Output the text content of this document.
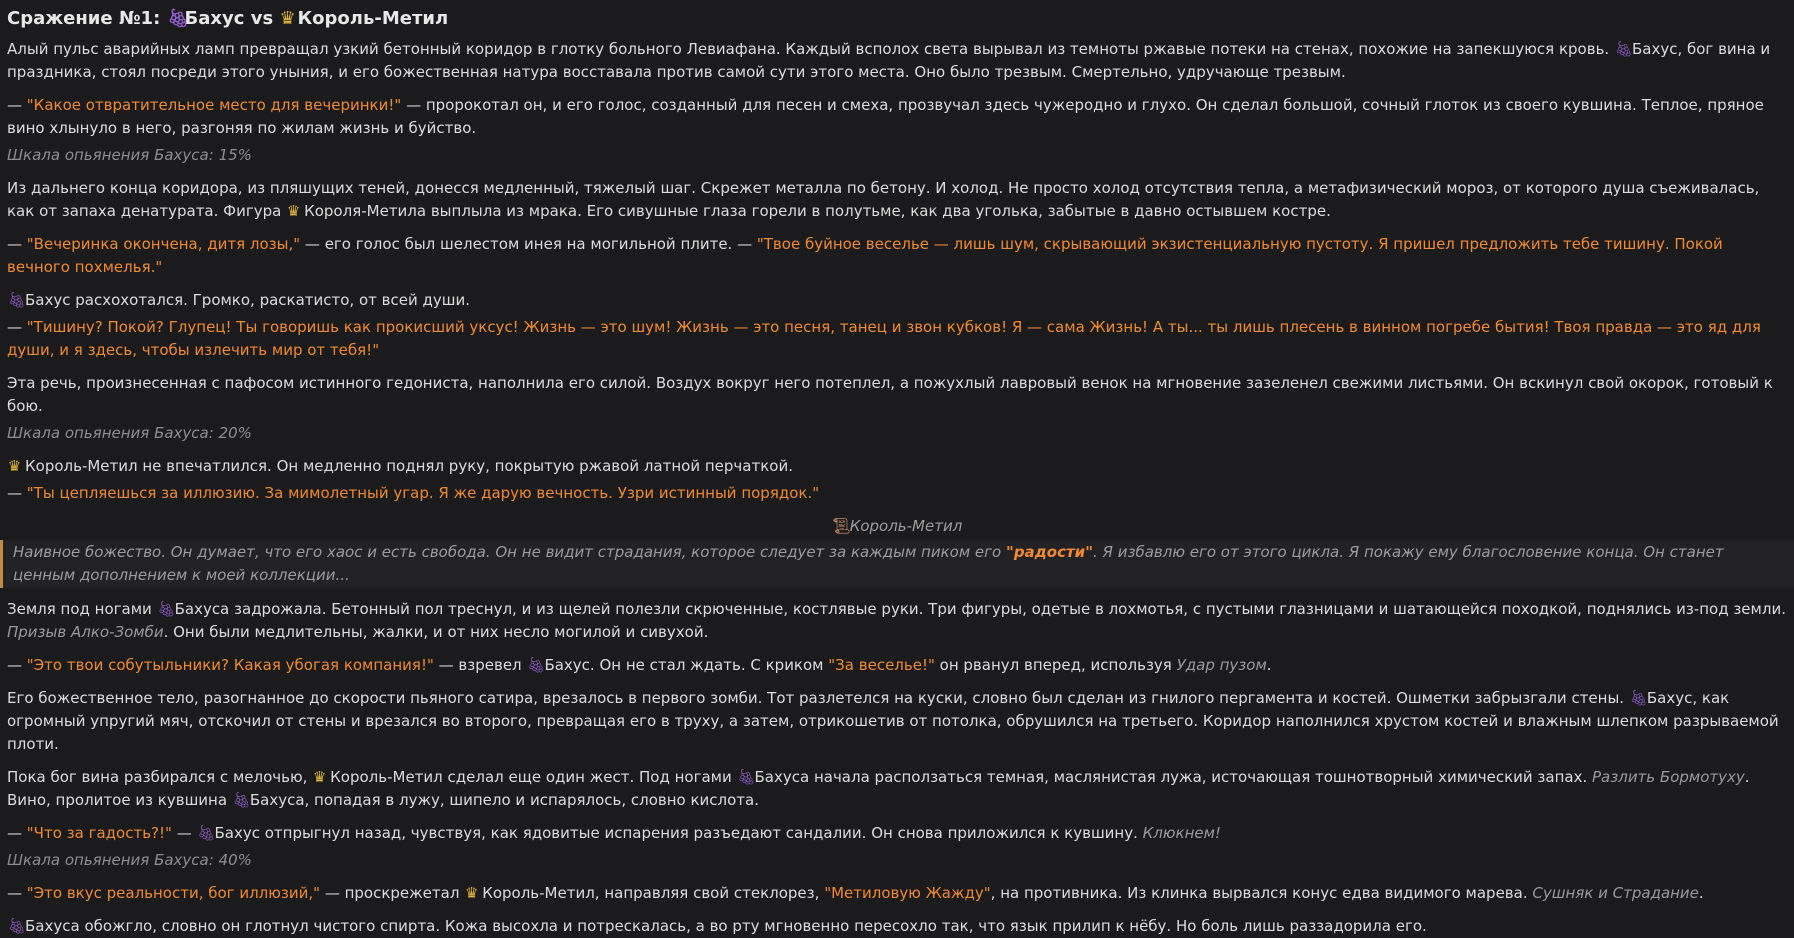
Сражение №1: 🍇︎Бахус vs ♛ Король-Метил

Алый пульс аварийных ламп превращал узкий бетонный коридор в глотку больного Левиафана. Каждый всполох света вырывал из темноты ржавые потеки на стенах, похожие на запекшуюся кровь. 🍇︎Бахус, бог вина и праздника, стоял посреди этого уныния, и его божественная натура восставала против самой сути этого места. Оно было трезвым. Смертельно, удручающе трезвым.

— "Какое отвратительное место для вечеринки!" — пророкотал он, и его голос, созданный для песен и смеха, прозвучал здесь чужеродно и глухо. Он сделал большой, сочный глоток из своего кувшина. Теплое, пряное вино хлынуло в него, разгоняя по жилам жизнь и буйство.

Шкала опьянения Бахуса: 15%

Из дальнего конца коридора, из пляшущих теней, донесся медленный, тяжелый шаг. Скрежет металла по бетону. И холод. Не просто холод отсутствия тепла, а метафизический мороз, от которого душа съеживалась, как от запаха денатурата. Фигура ♛ Короля-Метила выплыла из мрака. Его сивушные глаза горели в полутьме, как два уголька, забытые в давно остывшем костре.

— "Вечеринка окончена, дитя лозы," — его голос был шелестом инея на могильной плите. — "Твое буйное веселье — лишь шум, скрывающий экзистенциальную пустоту. Я пришел предложить тебе тишину. Покой вечного похмелья."

🍇︎Бахус расхохотался. Громко, раскатисто, от всей души.

— "Тишину? Покой? Глупец! Ты говоришь как прокисший уксус! Жизнь — это шум! Жизнь — это песня, танец и звон кубков! Я — сама Жизнь! А ты... ты лишь плесень в винном погребе бытия! Твоя правда — это яд для души, и я здесь, чтобы излечить мир от тебя!"

Эта речь, произнесенная с пафосом истинного гедониста, наполнила его силой. Воздух вокруг него потеплел, а пожухлый лавровый венок на мгновение зазеленел свежими листьями. Он вскинул свой окорок, готовый к бою.

Шкала опьянения Бахуса: 20%

♛ Король-Метил не впечатлился. Он медленно поднял руку, покрытую ржавой латной перчаткой.

— "Ты цепляешься за иллюзию. За мимолетный угар. Я же дарую вечность. Узри истинный порядок."

📜︎Король-Метил
Наивное божество. Он думает, что его хаос и есть свобода. Он не видит страдания, которое следует за каждым пиком его "радости". Я избавлю его от этого цикла. Я покажу ему благословение конца. Он станет ценным дополнением к моей коллекции...

Земля под ногами 🍇︎Бахуса задрожала. Бетонный пол треснул, и из щелей полезли скрюченные, костлявые руки. Три фигуры, одетые в лохмотья, с пустыми глазницами и шатающейся походкой, поднялись из-под земли. Призыв Алко-Зомби. Они были медлительны, жалки, и от них несло могилой и сивухой.

— "Это твои собутыльники? Какая убогая компания!" — взревел 🍇︎Бахус. Он не стал ждать. С криком "За веселье!" он рванул вперед, используя Удар пузом.

Его божественное тело, разогнанное до скорости пьяного сатира, врезалось в первого зомби. Тот разлетелся на куски, словно был сделан из гнилого пергамента и костей. Ошметки забрызгали стены. 🍇︎Бахус, как огромный упругий мяч, отскочил от стены и врезался во второго, превращая его в труху, а затем, отрикошетив от потолка, обрушился на третьего. Коридор наполнился хрустом костей и влажным шлепком разрываемой плоти.

Пока бог вина разбирался с мелочью, ♛ Король-Метил сделал еще один жест. Под ногами 🍇︎Бахуса начала расползаться темная, маслянистая лужа, источающая тошнотворный химический запах. Разлить Бормотуху. Вино, пролитое из кувшина 🍇︎Бахуса, попадая в лужу, шипело и испарялось, словно кислота.

— "Что за гадость?!" — 🍇︎Бахус отпрыгнул назад, чувствуя, как ядовитые испарения разъедают сандалии. Он снова приложился к кувшину. Клюкнем!

Шкала опьянения Бахуса: 40%

— "Это вкус реальности, бог иллюзий," — проскрежетал ♛ Король-Метил, направляя свой стеклорез, "Метиловую Жажду", на противника. Из клинка вырвался конус едва видимого марева. Сушняк и Страдание.

🍇︎Бахуса обожгло, словно он глотнул чистого спирта. Кожа высохла и потрескалась, а во рту мгновенно пересохло так, что язык прилип к нёбу. Но боль лишь раззадорила его.
